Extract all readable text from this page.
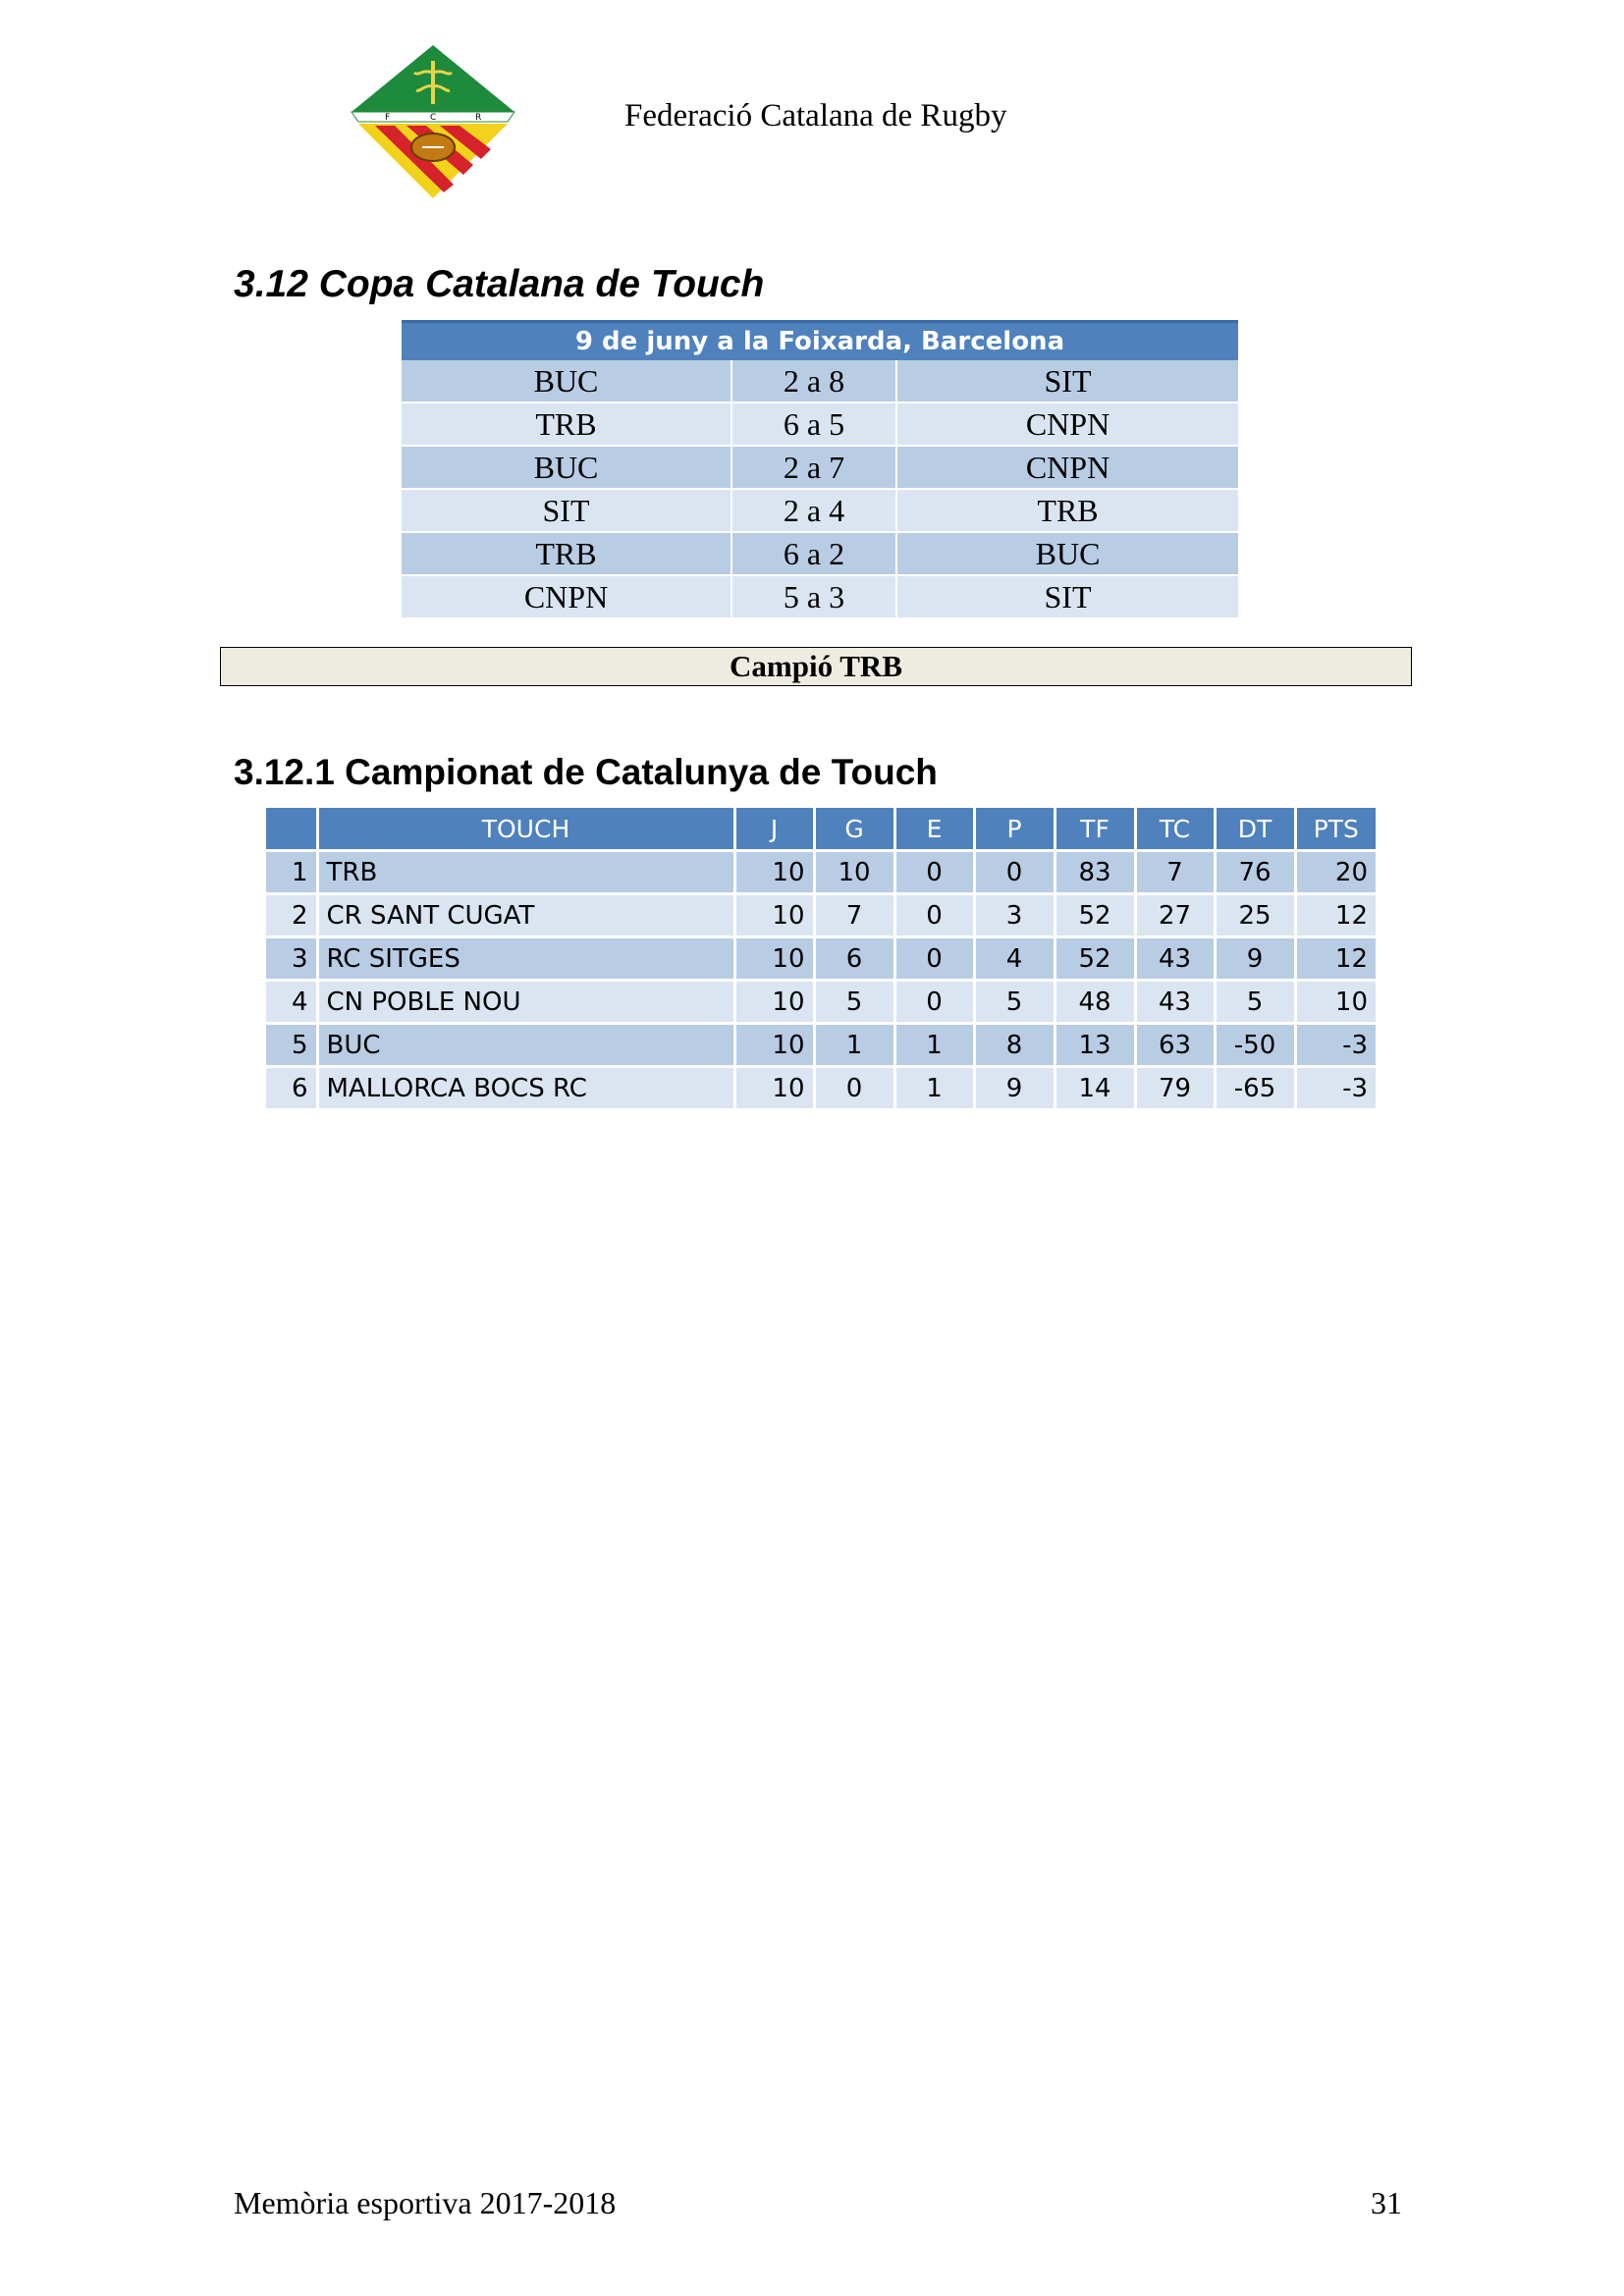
F	C	R	Federació Catalana de Rugby
3.12 Copa Catalana de Touch
9 de juny a la Foixarda, Barcelona		
BUC	2 a 8	SIT
TRB	6 a 5	CNPN
BUC	2 a 7	CNPN
SIT	2 a 4	TRB
TRB	6 a 2	BUC
CNPN	5 a 3	SIT
Campió TRB
3.12.1 Campionat de Catalunya de Touch
	TOUCH	J	G	E	P	TF	TC	DT	PTS
1	TRB	10	10	0	0	83	7	76	20
2	CR SANT CUGAT	10	7	0	3	52	27	25	12
3	RC SITGES	10	6	0	4	52	43	9	12
4	CN POBLE NOU	10	5	0	5	48	43	5	10
5	BUC	10	1	1	8	13	63	-50	-3
6	MALLORCA BOCS RC	10	0	1	9	14	79	-65	-3
Memòria esportiva 2017-2018	31
